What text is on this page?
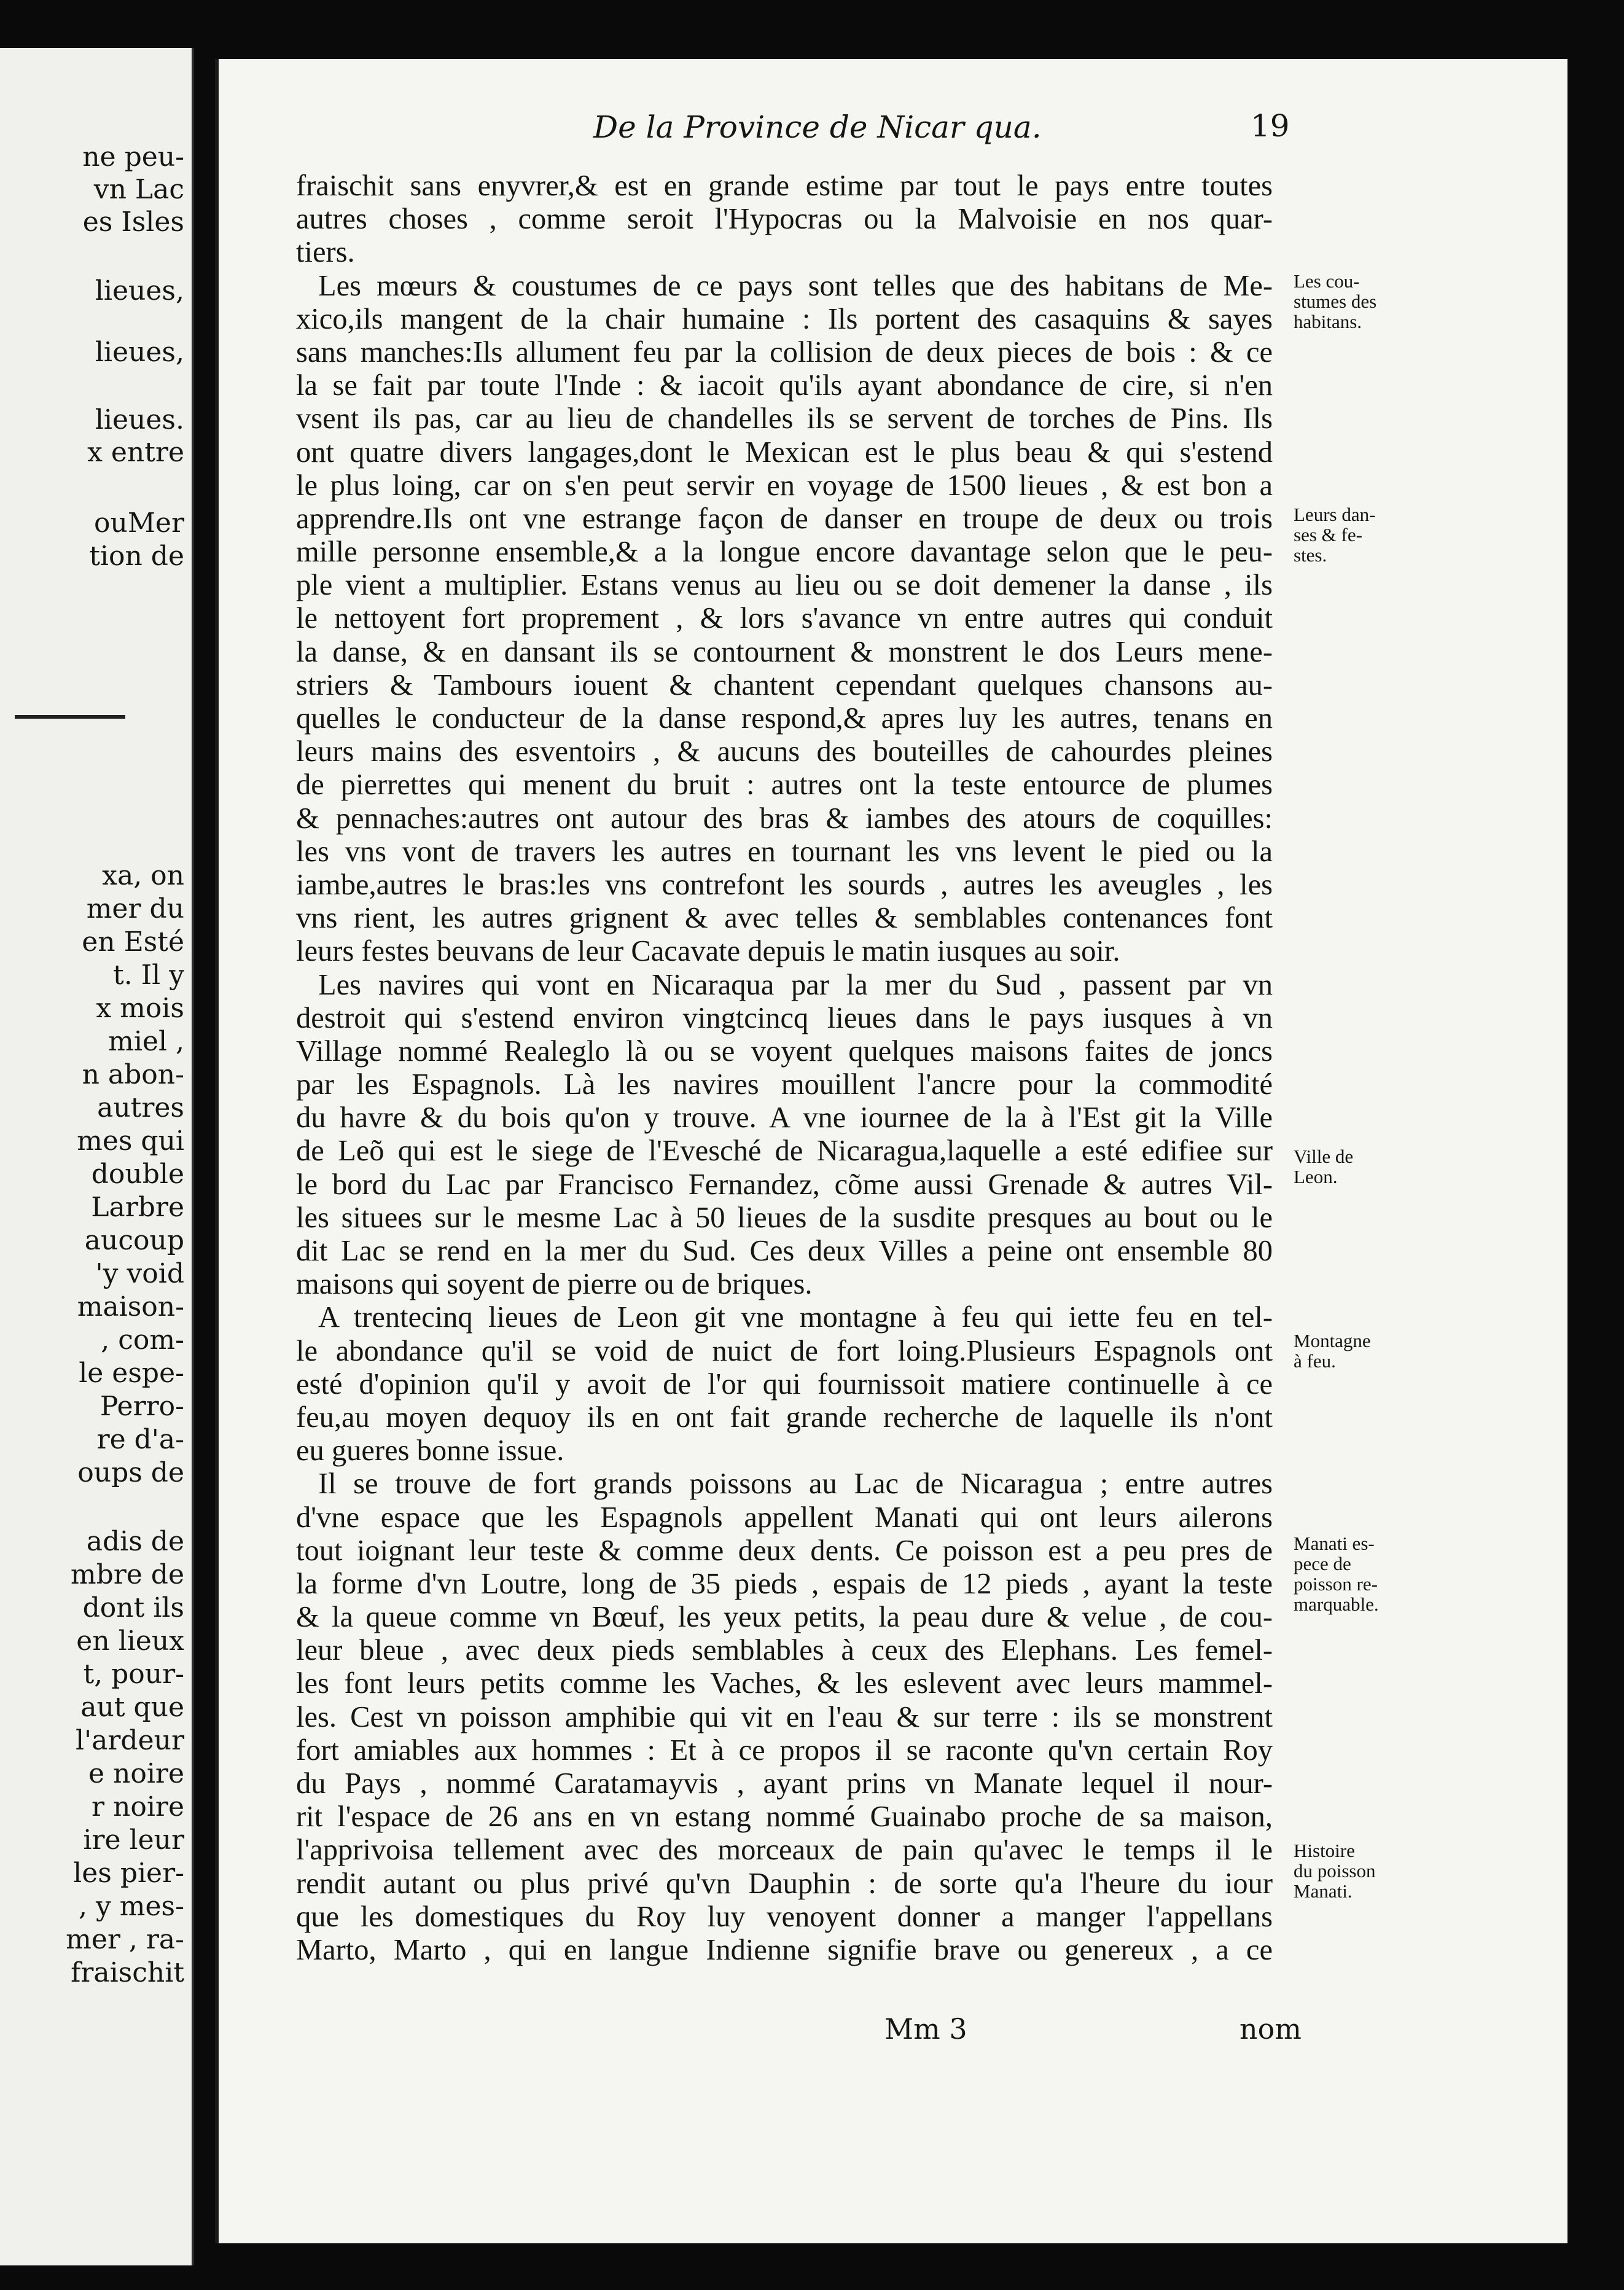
ne peu-
vn Lac
es Isles
lieues,
lieues,
lieues.
x entre
ouMer
tion de
xa, on
mer du
en Esté
t. Il y
x mois
miel ,
n abon-
autres
mes qui
double
Larbre
aucoup
'y void
maison-
, com-
le espe-
Perro-
re d'a-
oups de
adis de
mbre de
dont ils
en lieux
t, pour-
aut que
l'ardeur
e noire
r noire
ire leur
les pier-
, y mes-
mer , ra-
fraischit
De la Province de Nicar qua.	19
fraischit sans enyvrer,& est en grande estime par tout le pays entre toutes
autres choses , comme seroit l'Hypocras ou la Malvoisie en nos quar-
tiers.
Les mœurs & coustumes de ce pays sont telles que des habitans de Me-
xico,ils mangent de la chair humaine : Ils portent des casaquins & sayes
sans manches:Ils allument feu par la collision de deux pieces de bois : & ce
la se fait par toute l'Inde : & iacoit qu'ils ayant abondance de cire, si n'en
vsent ils pas, car au lieu de chandelles ils se servent de torches de Pins. Ils
ont quatre divers langages,dont le Mexican est le plus beau & qui s'estend
le plus loing, car on s'en peut servir en voyage de 1500 lieues , & est bon a
apprendre.Ils ont vne estrange façon de danser en troupe de deux ou trois
mille personne ensemble,& a la longue encore davantage selon que le peu-
ple vient a multiplier. Estans venus au lieu ou se doit demener la danse , ils
le nettoyent fort proprement , & lors s'avance vn entre autres qui conduit
la danse, & en dansant ils se contournent & monstrent le dos Leurs mene-
striers & Tambours iouent & chantent cependant quelques chansons au-
quelles le conducteur de la danse respond,& apres luy les autres, tenans en
leurs mains des esventoirs , & aucuns des bouteilles de cahourdes pleines
de pierrettes qui menent du bruit : autres ont la teste entource de plumes
& pennaches:autres ont autour des bras & iambes des atours de coquilles:
les vns vont de travers les autres en tournant les vns levent le pied ou la
iambe,autres le bras:les vns contrefont les sourds , autres les aveugles , les
vns rient, les autres grignent & avec telles & semblables contenances font
leurs festes beuvans de leur Cacavate depuis le matin iusques au soir.
Les navires qui vont en Nicaraqua par la mer du Sud , passent par vn
destroit qui s'estend environ vingtcincq lieues dans le pays iusques à vn
Village nommé Realeglo là ou se voyent quelques maisons faites de joncs
par les Espagnols. Là les navires mouillent l'ancre pour la commodité
du havre & du bois qu'on y trouve. A vne iournee de la à l'Est git la Ville
de Leõ qui est le siege de l'Evesché de Nicaragua,laquelle a esté edifiee sur
le bord du Lac par Francisco Fernandez, cõme aussi Grenade & autres Vil-
les situees sur le mesme Lac à 50 lieues de la susdite presques au bout ou le
dit Lac se rend en la mer du Sud. Ces deux Villes a peine ont ensemble 80
maisons qui soyent de pierre ou de briques.
A trentecinq lieues de Leon git vne montagne à feu qui iette feu en tel-
le abondance qu'il se void de nuict de fort loing.Plusieurs Espagnols ont
esté d'opinion qu'il y avoit de l'or qui fournissoit matiere continuelle à ce
feu,au moyen dequoy ils en ont fait grande recherche de laquelle ils n'ont
eu gueres bonne issue.
Il se trouve de fort grands poissons au Lac de Nicaragua ; entre autres
d'vne espace que les Espagnols appellent Manati qui ont leurs ailerons
tout ioignant leur teste & comme deux dents. Ce poisson est a peu pres de
la forme d'vn Loutre, long de 35 pieds , espais de 12 pieds , ayant la teste
& la queue comme vn Bœuf, les yeux petits, la peau dure & velue , de cou-
leur bleue , avec deux pieds semblables à ceux des Elephans. Les femel-
les font leurs petits comme les Vaches, & les eslevent avec leurs mammel-
les. Cest vn poisson amphibie qui vit en l'eau & sur terre : ils se monstrent
fort amiables aux hommes : Et à ce propos il se raconte qu'vn certain Roy
du Pays , nommé Caratamayvis , ayant prins vn Manate lequel il nour-
rit l'espace de 26 ans en vn estang nommé Guainabo proche de sa maison,
l'apprivoisa tellement avec des morceaux de pain qu'avec le temps il le
rendit autant ou plus privé qu'vn Dauphin : de sorte qu'a l'heure du iour
que les domestiques du Roy luy venoyent donner a manger l'appellans
Marto, Marto , qui en langue Indienne signifie brave ou genereux , a ce
Les cou-
stumes des
habitans.
Leurs dan-
ses & fe-
stes.
Ville de
Leon.
Montagne
à feu.
Manati es-
pece de
poisson re-
marquable.
Histoire
du poisson
Manati.
Mm 3	nom
